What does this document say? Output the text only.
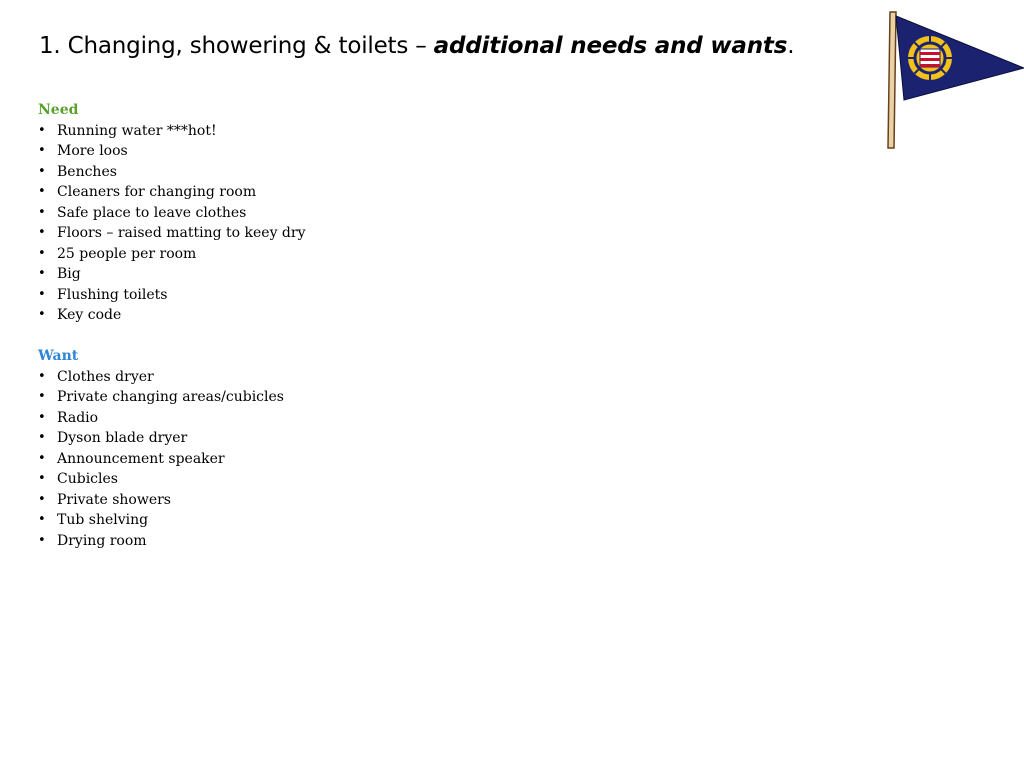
1. Changing, showering & toilets – additional needs and wants.
Need
• Running water ***hot!
• More loos
• Benches
• Cleaners for changing room
• Safe place to leave clothes
• Floors – raised matting to keey dry
• 25 people per room
• Big
• Flushing toilets
• Key code
Want
• Clothes dryer
• Private changing areas/cubicles
• Radio
• Dyson blade dryer
• Announcement speaker
• Cubicles
• Private showers
• Tub shelving
• Drying room
